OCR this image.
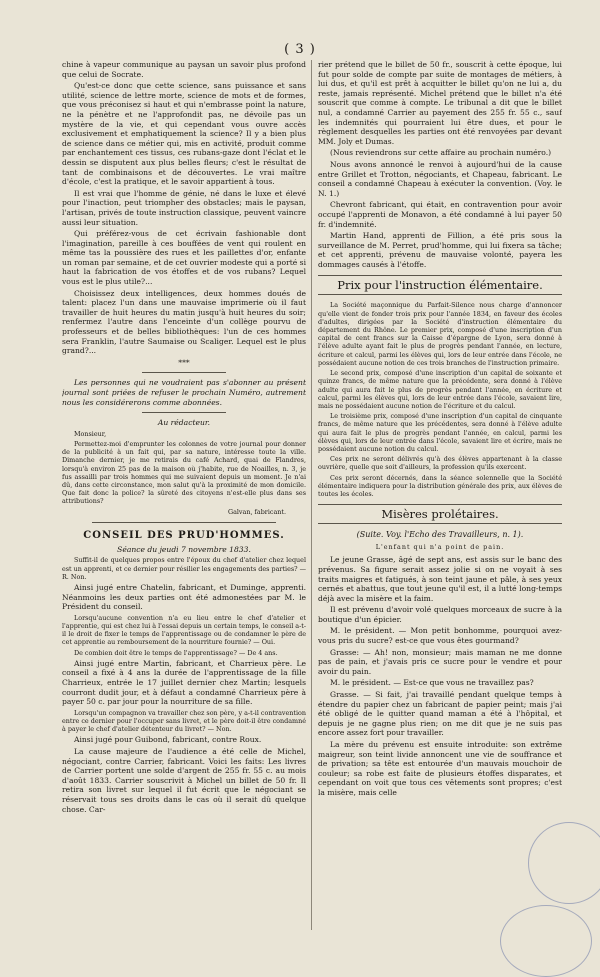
( 3 )

chine à vapeur communique au paysan un savoir plus profond que celui de Socrate.

Qu'est-ce donc que cette science, sans puissance et sans utilité, science de lettre morte, science de mots et de formes, que vous préconisez si haut et qui n'embrasse point la nature, ne la pénètre et ne l'approfondit pas, ne dévoile pas un mystère de la vie, et qui cependant vous ouvre accès exclusivement et emphatiquement la science? Il y a bien plus de science dans ce métier qui, mis en activité, produit comme par enchantement ces tissus, ces rubans-gaze dont l'éclat et le dessin se disputent aux plus belles fleurs; c'est le résultat de tant de combinaisons et de découvertes. Le vrai maître d'école, c'est la pratique, et le savoir appartient à tous.

Il est vrai que l'homme de génie, né dans le luxe et élevé pour l'inaction, peut triompher des obstacles; mais le paysan, l'artisan, privés de toute instruction classique, peuvent vaincre aussi leur situation.

Qui préférez-vous de cet écrivain fashionable dont l'imagination, pareille à ces bouffées de vent qui roulent en même tas la poussière des rues et les paillettes d'or, enfante un roman par semaine, et de cet ouvrier modeste qui a porté si haut la fabrication de vos étoffes et de vos rubans? Lequel vous est le plus utile?...

Choisissez deux intelligences, deux hommes doués de talent: placez l'un dans une mauvaise imprimerie où il faut travailler de huit heures du matin jusqu'à huit heures du soir; renfermez l'autre dans l'enceinte d'un collège pourvu de professeurs et de belles bibliothèques: l'un de ces hommes sera Franklin, l'autre Saumaise ou Scaliger. Lequel est le plus grand?...

***

Les personnes qui ne voudraient pas s'abonner au présent journal sont priées de refuser le prochain Numéro, autrement nous les considérerons comme abonnées.

Au rédacteur.

Monsieur,

Permettez-moi d'emprunter les colonnes de votre journal pour donner de la publicité à un fait qui, par sa nature, intéresse toute la ville. Dimanche dernier, je me retirais du café Achard, quai de Flandres, lorsqu'à environ 25 pas de la maison où j'habite, rue de Noailles, n. 3, je fus assailli par trois hommes qui me suivaient depuis un moment. Je n'ai dû, dans cette circonstance, mon salut qu'à la proximité de mon domicile. Que fait donc la police? la sûreté des citoyens n'est-elle plus dans ses attributions?

Galvan, fabricant.
CONSEIL DES PRUD'HOMMES.

Séance du jeudi 7 novembre 1833.

Suffit-il de quelques propos entre l'époux du chef d'atelier chez lequel est un apprenti, et ce dernier pour résilier les engagements des parties? — R. Non.

Ainsi jugé entre Chatelin, fabricant, et Duminge, apprenti. Néanmoins les deux parties ont été admonestées par M. le Président du conseil.

Lorsqu'aucune convention n'a eu lieu entre le chef d'atelier et l'apprentie, qui est chez lui à l'essai depuis un certain temps, le conseil a-t-il le droit de fixer le temps de l'apprentissage ou de condamner le père de cet apprentie au remboursement de la nourriture fournie? — Oui.

De combien doit être le temps de l'apprentissage? — De 4 ans.

Ainsi jugé entre Martin, fabricant, et Charrieux père. Le conseil a fixé à 4 ans la durée de l'apprentissage de la fille Charrieux, entrée le 17 juillet dernier chez Martin; lesquels courront dudit jour, et à défaut a condamné Charrieux père à payer 50 c. par jour pour la nourriture de sa fille.

Lorsqu'un compagnon va travailler chez son père, y a-t-il contravention entre ce dernier pour l'occuper sans livret, et le père doit-il être condamné à payer le chef d'atelier détenteur du livret? — Non.

Ainsi jugé pour Guibond, fabricant, contre Roux.

La cause majeure de l'audience a été celle de Michel, négociant, contre Carrier, fabricant. Voici les faits: Les livres de Carrier portent une solde d'argent de 255 fr. 55 c. au mois d'août 1833. Carrier souscrivit à Michel un billet de 50 fr. Il retira son livret sur lequel il fut écrit que le négociant se réservait tous ses droits dans le cas où il serait dû quelque chose. Car-

rier prétend que le billet de 50 fr., souscrit à cette époque, lui fut pour solde de compte par suite de montages de métiers, à lui dus, et qu'il est prêt à acquitter le billet qu'on ne lui a, du reste, jamais représenté. Michel prétend que le billet n'a été souscrit que comme à compte. Le tribunal a dit que le billet nul, a condamné Carrier au payement des 255 fr. 55 c., sauf les indemnités qui pourraient lui être dues, et pour le règlement desquelles les parties ont été renvoyées par devant MM. Joly et Dumas.

(Nous reviendrons sur cette affaire au prochain numéro.)

Nous avons annoncé le renvoi à aujourd'hui de la cause entre Grillet et Trotton, négociants, et Chapeau, fabricant. Le conseil a condamné Chapeau à exécuter la convention. (Voy. le N. 1.)

Chevront fabricant, qui était, en contravention pour avoir occupé l'apprenti de Monavon, a été condamné à lui payer 50 fr. d'indemnité.

Martin Hand, apprenti de Fillion, a été pris sous la surveillance de M. Perret, prud'homme, qui lui fixera sa tâche; et cet apprenti, prévenu de mauvaise volonté, payera les dommages causés à l'étoffe.

Prix pour l'instruction élémentaire.

La Société maçonnique du Parfait-Silence nous charge d'annoncer qu'elle vient de fonder trois prix pour l'année 1834, en faveur des écoles d'adultes, dirigées par la Société d'instruction élémentaire du département du Rhône. Le premier prix, composé d'une inscription d'un capital de cent francs sur la Caisse d'épargne de Lyon, sera donné à l'élève adulte ayant fait le plus de progrès pendant l'année, en lecture, écriture et calcul, parmi les élèves qui, lors de leur entrée dans l'école, ne possédaient aucune notion de ces trois branches de l'instruction primaire.

Le second prix, composé d'une inscription d'un capital de soixante et quinze francs, de même nature que la précédente, sera donné à l'élève adulte qui aura fait le plus de progrès pendant l'année, en écriture et calcul, parmi les élèves qui, lors de leur entrée dans l'école, savaient lire, mais ne possédaient aucune notion de l'écriture et du calcul.

Le troisième prix, composé d'une inscription d'un capital de cinquante francs, de même nature que les précédentes, sera donné à l'élève adulte qui aura fait le plus de progrès pendant l'année, en calcul, parmi les élèves qui, lors de leur entrée dans l'école, savaient lire et écrire, mais ne possédaient aucune notion du calcul.

Ces prix ne seront délivrés qu'à des élèves appartenant à la classe ouvrière, quelle que soit d'ailleurs, la profession qu'ils exercent.

Ces prix seront décernés, dans la séance solennelle que la Société élémentaire indiquera pour la distribution générale des prix, aux élèves de toutes les écoles.

Misères prolétaires.

(Suite. Voy. l'Echo des Travailleurs, n. 1).

L'enfant qui n'a point de pain.

Le jeune Grasse, âgé de sept ans, est assis sur le banc des prévenus. Sa figure serait assez jolie si on ne voyait à ses traits maigres et fatigués, à son teint jaune et pâle, à ses yeux cernés et abattus, que tout jeune qu'il est, il a lutté long-temps déjà avec la misère et la faim.

Il est prévenu d'avoir volé quelques morceaux de sucre à la boutique d'un épicier.

M. le président. — Mon petit bonhomme, pourquoi avez-vous pris du sucre? est-ce que vous êtes gourmand?

Grasse: — Ah! non, monsieur; mais maman ne me donne pas de pain, et j'avais pris ce sucre pour le vendre et pour avoir du pain.

M. le président. — Est-ce que vous ne travaillez pas?

Grasse. — Si fait, j'ai travaillé pendant quelque temps à étendre du papier chez un fabricant de papier peint; mais j'ai été obligé de le quitter quand maman a été à l'hôpital, et depuis je ne gagne plus rien; on me dit que je ne suis pas encore assez fort pour travailler.

La mère du prévenu est ensuite introduite: son extrême maigreur, son teint livide annoncent une vie de souffrance et de privation; sa tête est entourée d'un mauvais mouchoir de couleur; sa robe est faite de plusieurs étoffes disparates, et cependant on voit que tous ces vêtements sont propres; c'est la misère, mais celle
